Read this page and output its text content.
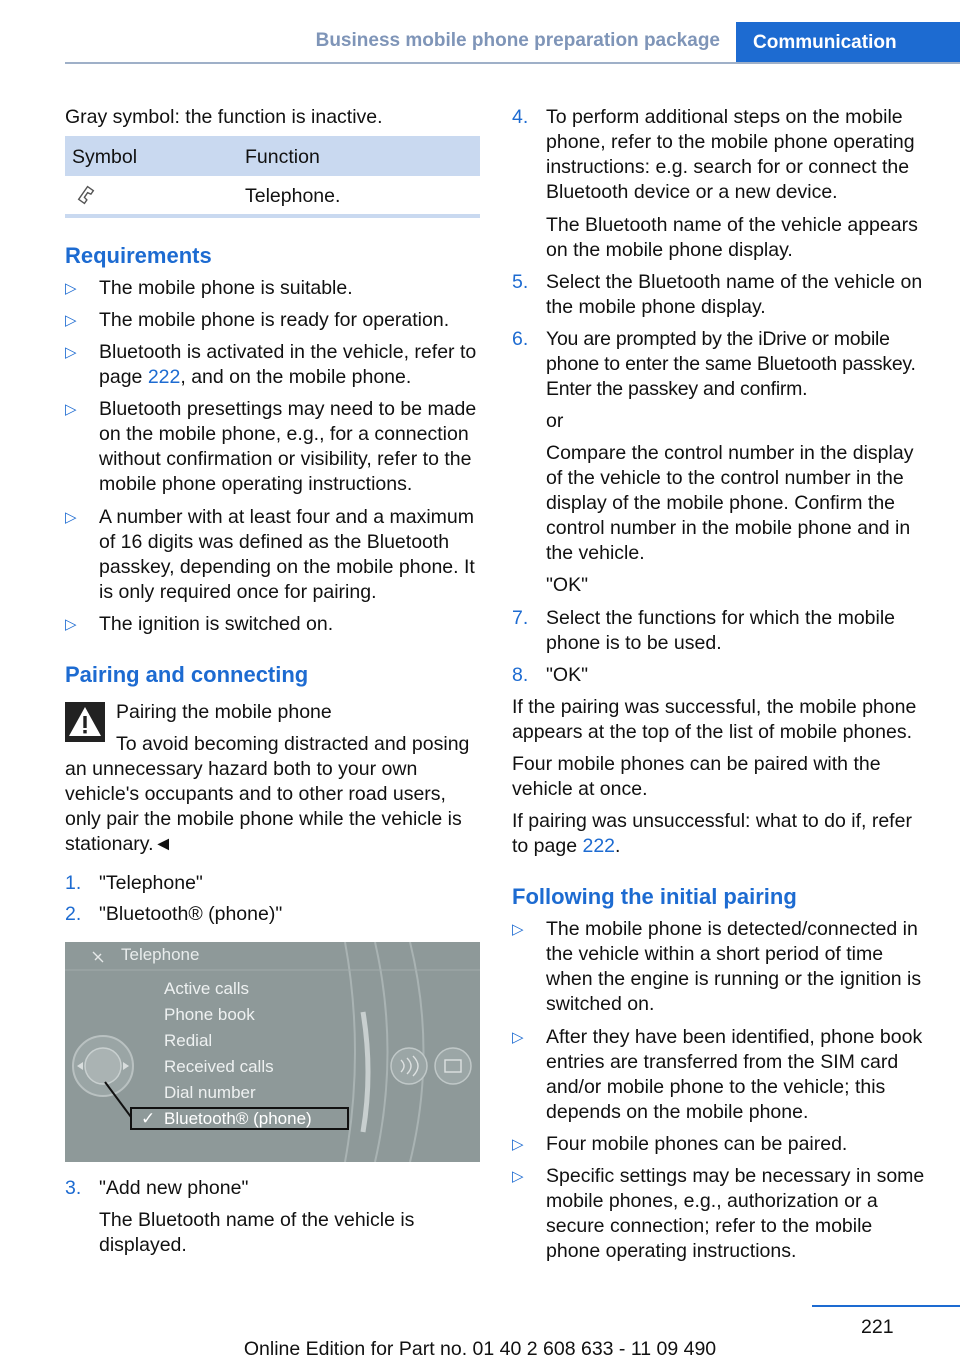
Business mobile phone preparation package	Communication

Gray symbol: the function is inactive.

Symbol	Function
Telephone.
Requirements
▷ The mobile phone is suitable.
▷ The mobile phone is ready for operation.
▷ Bluetooth is activated in the vehicle, refer to page 222, and on the mobile phone.
▷ Bluetooth presettings may need to be made on the mobile phone, e.g., for a connection without confirmation or visibility, refer to the mobile phone operating instructions.
▷ A number with at least four and a maximum of 16 digits was defined as the Bluetooth passkey, depending on the mobile phone. It is only required once for pairing.
▷ The ignition is switched on.
Pairing and connecting

Pairing the mobile phone

To avoid becoming distracted and posing an unnecessary hazard both to your own vehicle's occupants and to other road users, only pair the mobile phone while the vehicle is stationary.◄

1. "Telephone"
2. "Bluetooth® (phone)"
Telephone
Active calls
Phone book
Redial
Received calls
Dial number
✓ Bluetooth® (phone)
3. "Add new phone"

The Bluetooth name of the vehicle is displayed.

4. To perform additional steps on the mobile phone, refer to the mobile phone operating instructions: e.g. search for or connect the Bluetooth device or a new device.

The Bluetooth name of the vehicle appears on the mobile phone display.

5. Select the Bluetooth name of the vehicle on the mobile phone display.
6. You are prompted by the iDrive or mobile phone to enter the same Bluetooth passkey. Enter the passkey and confirm.

or

Compare the control number in the display of the vehicle to the control number in the display of the mobile phone. Confirm the control number in the mobile phone and in the vehicle.

"OK"

7. Select the functions for which the mobile phone is to be used.
8. "OK"

If the pairing was successful, the mobile phone appears at the top of the list of mobile phones.

Four mobile phones can be paired with the vehicle at once.

If pairing was unsuccessful: what to do if, refer to page 222.

Following the initial pairing
▷ The mobile phone is detected/connected in the vehicle within a short period of time when the engine is running or the ignition is switched on.
▷ After they have been identified, phone book entries are transferred from the SIM card and/or mobile phone to the vehicle; this depends on the mobile phone.
▷ Four mobile phones can be paired.
▷ Specific settings may be necessary in some mobile phones, e.g., authorization or a secure connection; refer to the mobile phone operating instructions.
221
Online Edition for Part no. 01 40 2 608 633 - 11 09 490
